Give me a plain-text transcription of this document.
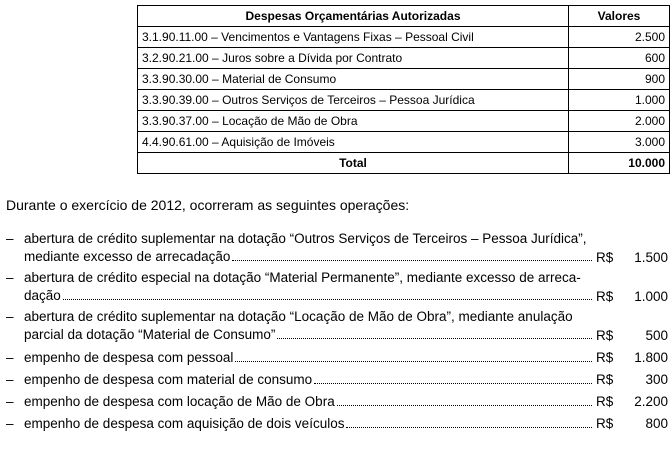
Despesas Orçamentárias Autorizadas	Valores
3.1.90.11.00 – Vencimentos e Vantagens Fixas – Pessoal Civil	2.500
3.2.90.21.00 – Juros sobre a Dívida por Contrato	600
3.3.90.30.00 – Material de Consumo	900
3.3.90.39.00 – Outros Serviços de Terceiros – Pessoa Jurídica	1.000
3.3.90.37.00 – Locação de Mão de Obra	2.000
4.4.90.61.00 – Aquisição de Imóveis	3.000
Total	10.000

Durante o exercício de 2012, ocorreram as seguintes operações:

– abertura de crédito suplementar na dotação “Outros Serviços de Terceiros – Pessoa Jurídica”,
mediante excesso de arrecadação	R$ 1.500
– abertura de crédito especial na dotação “Material Permanente”, mediante excesso de arreca-
dação	R$ 1.000
– abertura de crédito suplementar na dotação “Locação de Mão de Obra”, mediante anulação
parcial da dotação “Material de Consumo”	R$ 500
– empenho de despesa com pessoal	R$ 1.800
– empenho de despesa com material de consumo	R$ 300
– empenho de despesa com locação de Mão de Obra	R$ 2.200
– empenho de despesa com aquisição de dois veículos	R$ 800
